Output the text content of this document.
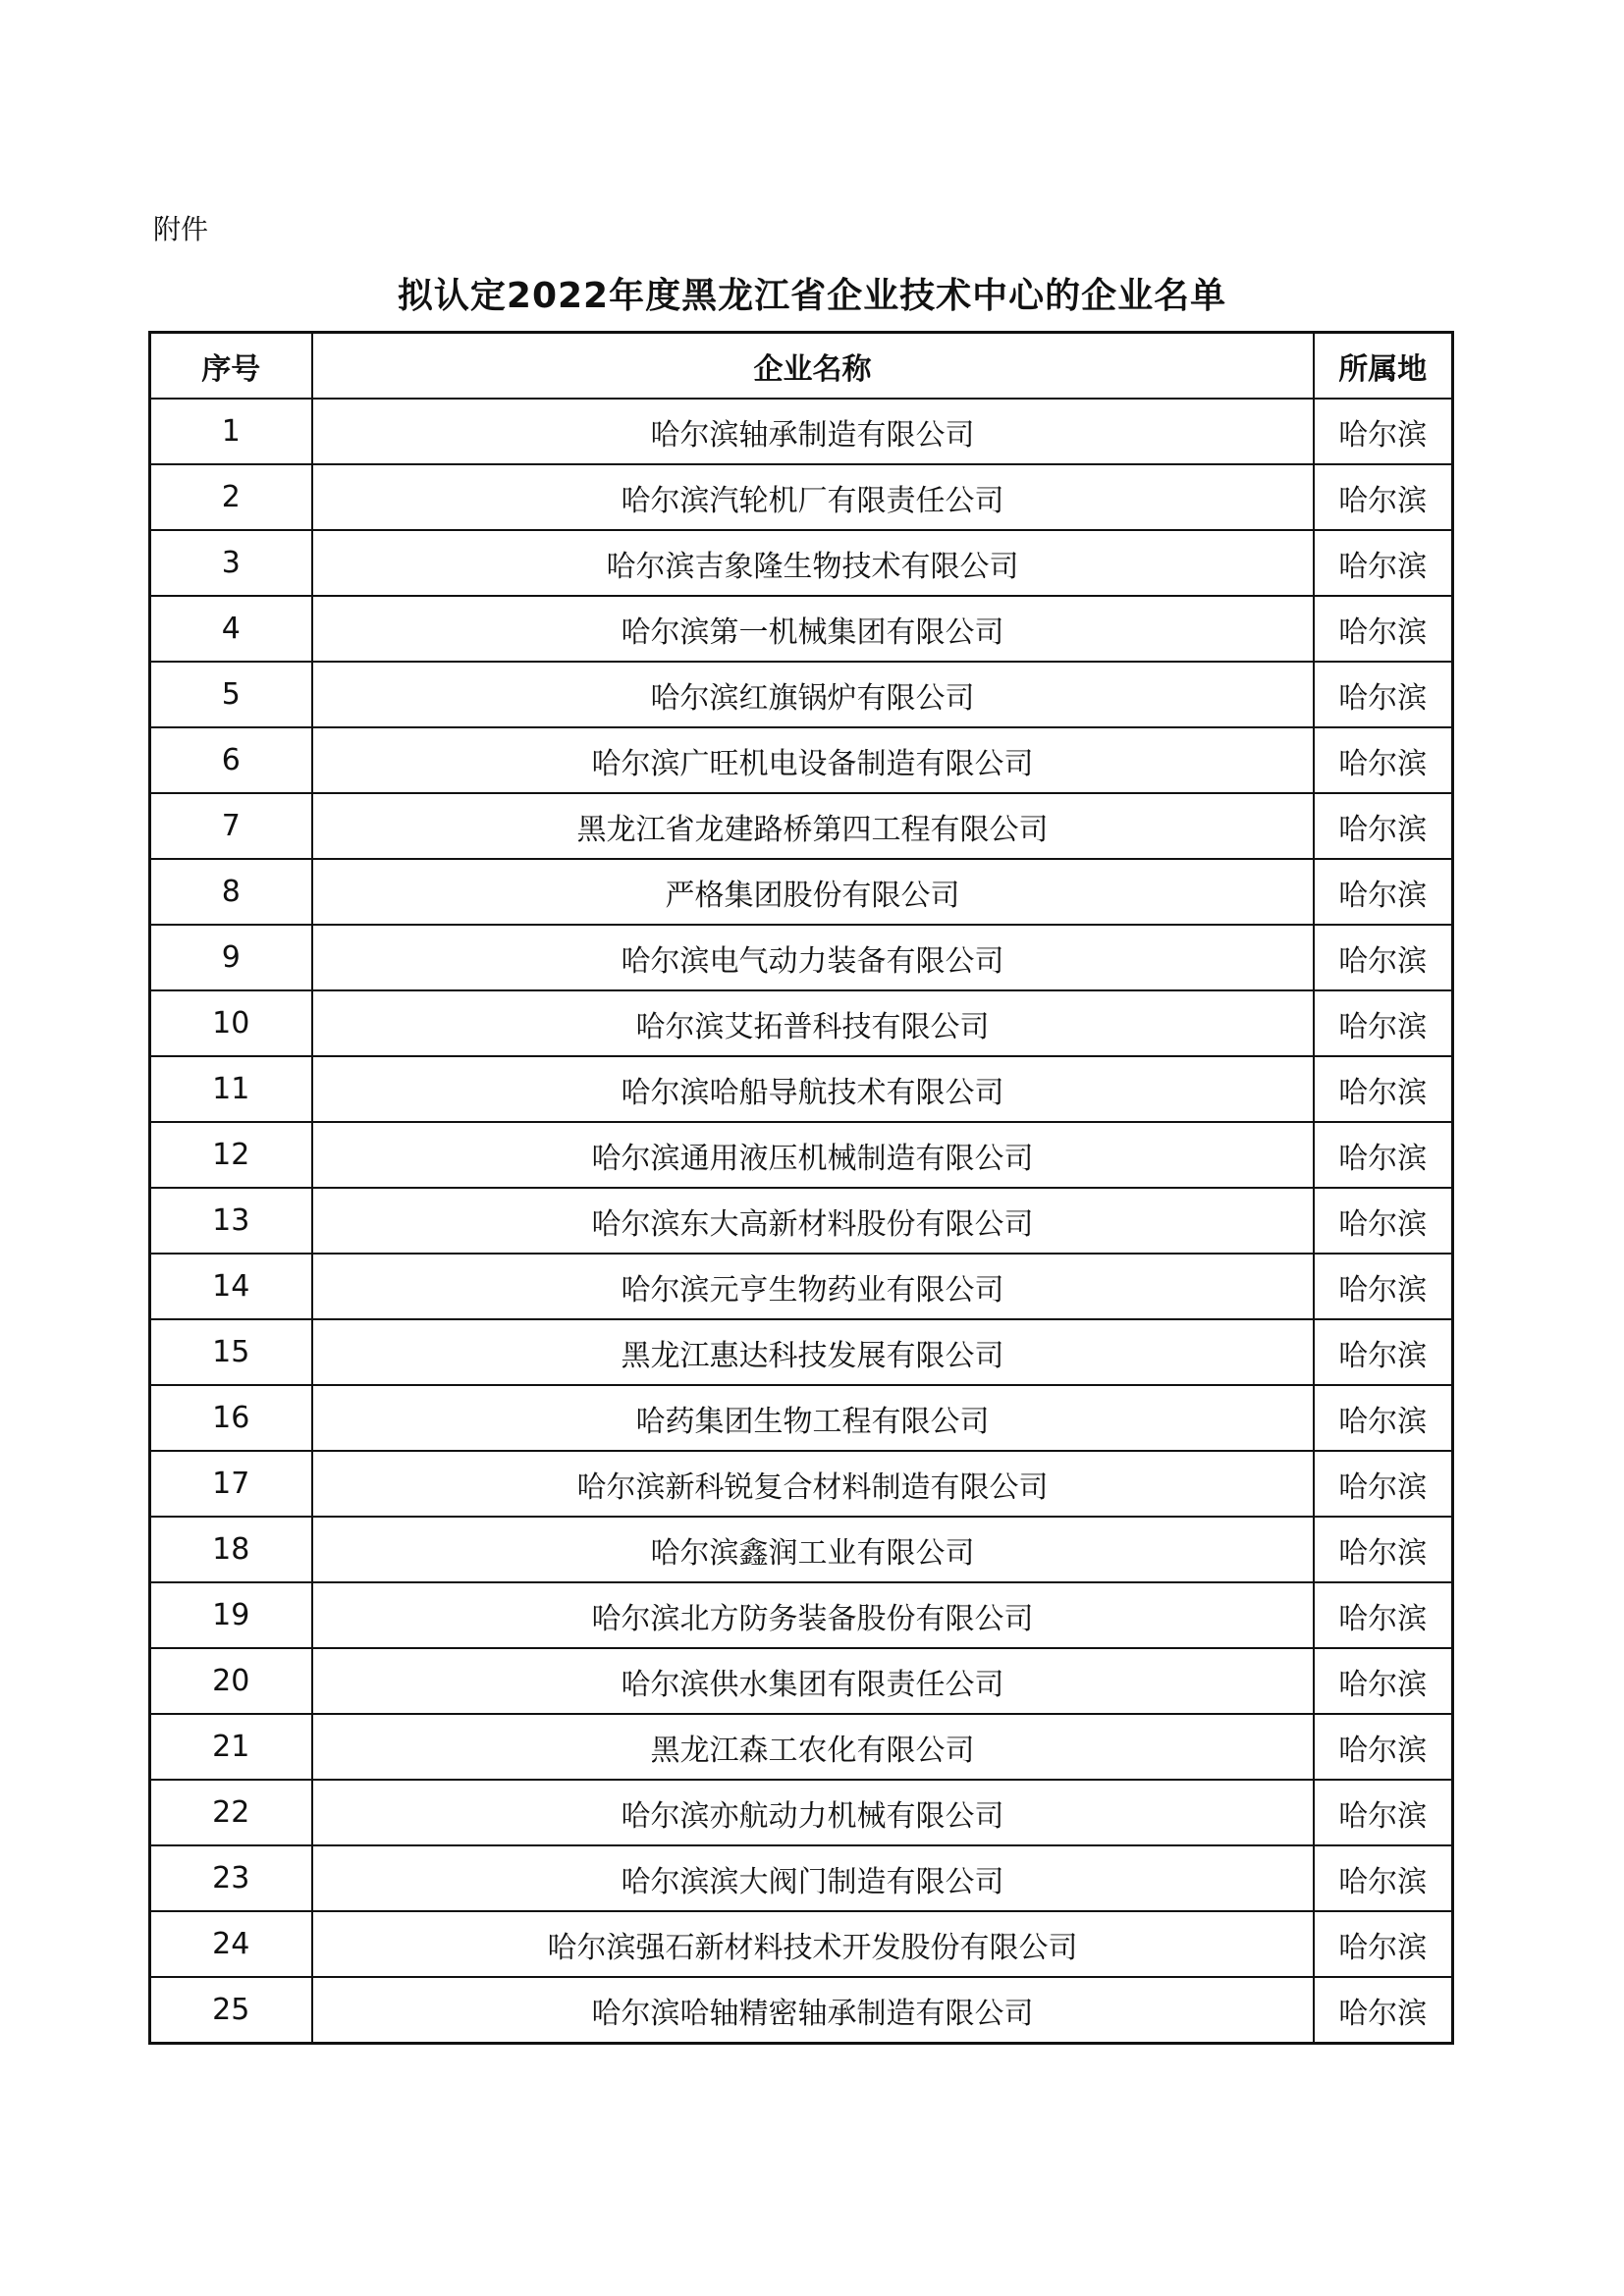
附件
拟认定2022年度黑龙江省企业技术中心的企业名单
序号	企业名称	所属地
1	哈尔滨轴承制造有限公司	哈尔滨
2	哈尔滨汽轮机厂有限责任公司	哈尔滨
3	哈尔滨吉象隆生物技术有限公司	哈尔滨
4	哈尔滨第一机械集团有限公司	哈尔滨
5	哈尔滨红旗锅炉有限公司	哈尔滨
6	哈尔滨广旺机电设备制造有限公司	哈尔滨
7	黑龙江省龙建路桥第四工程有限公司	哈尔滨
8	严格集团股份有限公司	哈尔滨
9	哈尔滨电气动力装备有限公司	哈尔滨
10	哈尔滨艾拓普科技有限公司	哈尔滨
11	哈尔滨哈船导航技术有限公司	哈尔滨
12	哈尔滨通用液压机械制造有限公司	哈尔滨
13	哈尔滨东大高新材料股份有限公司	哈尔滨
14	哈尔滨元亨生物药业有限公司	哈尔滨
15	黑龙江惠达科技发展有限公司	哈尔滨
16	哈药集团生物工程有限公司	哈尔滨
17	哈尔滨新科锐复合材料制造有限公司	哈尔滨
18	哈尔滨鑫润工业有限公司	哈尔滨
19	哈尔滨北方防务装备股份有限公司	哈尔滨
20	哈尔滨供水集团有限责任公司	哈尔滨
21	黑龙江森工农化有限公司	哈尔滨
22	哈尔滨亦航动力机械有限公司	哈尔滨
23	哈尔滨滨大阀门制造有限公司	哈尔滨
24	哈尔滨强石新材料技术开发股份有限公司	哈尔滨
25	哈尔滨哈轴精密轴承制造有限公司	哈尔滨
